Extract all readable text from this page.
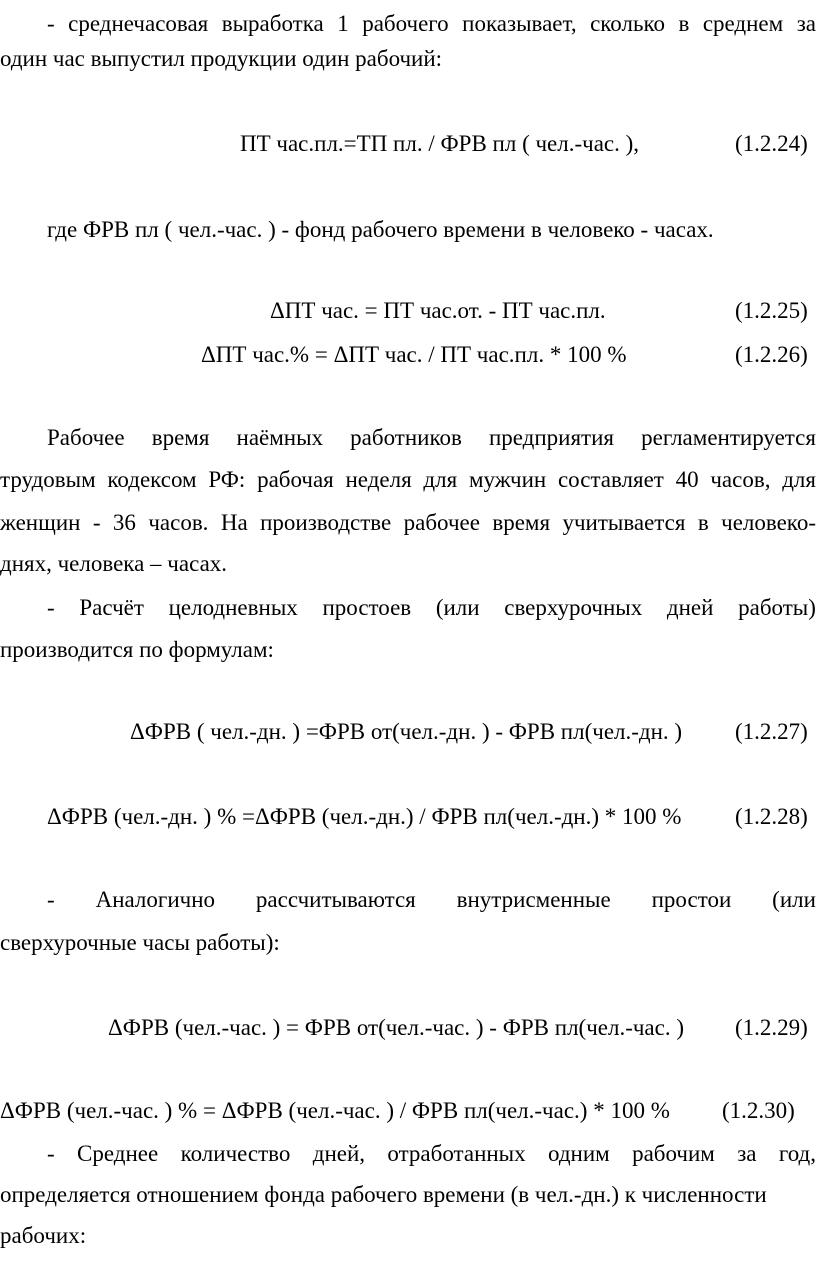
- среднечасовая выработка 1 рабочего показывает, сколько в среднем за
один час выпустил продукции один рабочий:
ПТ час.пл.=ТП пл. / ФРВ пл ( чел.-час. ),	(1.2.24)
где ФРВ пл ( чел.-час. ) - фонд рабочего времени в человеко - часах.
ΔПТ час. = ПТ час.от. - ПТ час.пл.	(1.2.25)
ΔПТ час.% = ΔПТ час. / ПТ час.пл. * 100 %	(1.2.26)
Рабочее время наёмных работников предприятия регламентируется
трудовым кодексом РФ: рабочая неделя для мужчин составляет 40 часов, для
женщин - 36 часов. На производстве рабочее время учитывается в человеко-
днях, человека – часах.
- Расчёт целодневных простоев (или сверхурочных дней работы)
производится по формулам:
ΔФРВ ( чел.-дн. ) =ФРВ от(чел.-дн. ) - ФРВ пл(чел.-дн. ) (1.2.27)
ΔФРВ (чел.-дн. ) % =ΔФРВ (чел.-дн.) / ФРВ пл(чел.-дн.) * 100 % (1.2.28)
- Аналогично рассчитываются внутрисменные простои (или
сверхурочные часы работы):
ΔФРВ (чел.-час. ) = ФРВ от(чел.-час. ) - ФРВ пл(чел.-час. ) (1.2.29)
ΔФРВ (чел.-час. ) % = ΔФРВ (чел.-час. ) / ФРВ пл(чел.-час.) * 100 % (1.2.30)
- Среднее количество дней, отработанных одним рабочим за год,
определяется отношением фонда рабочего времени (в чел.-дн.) к численности
рабочих:
